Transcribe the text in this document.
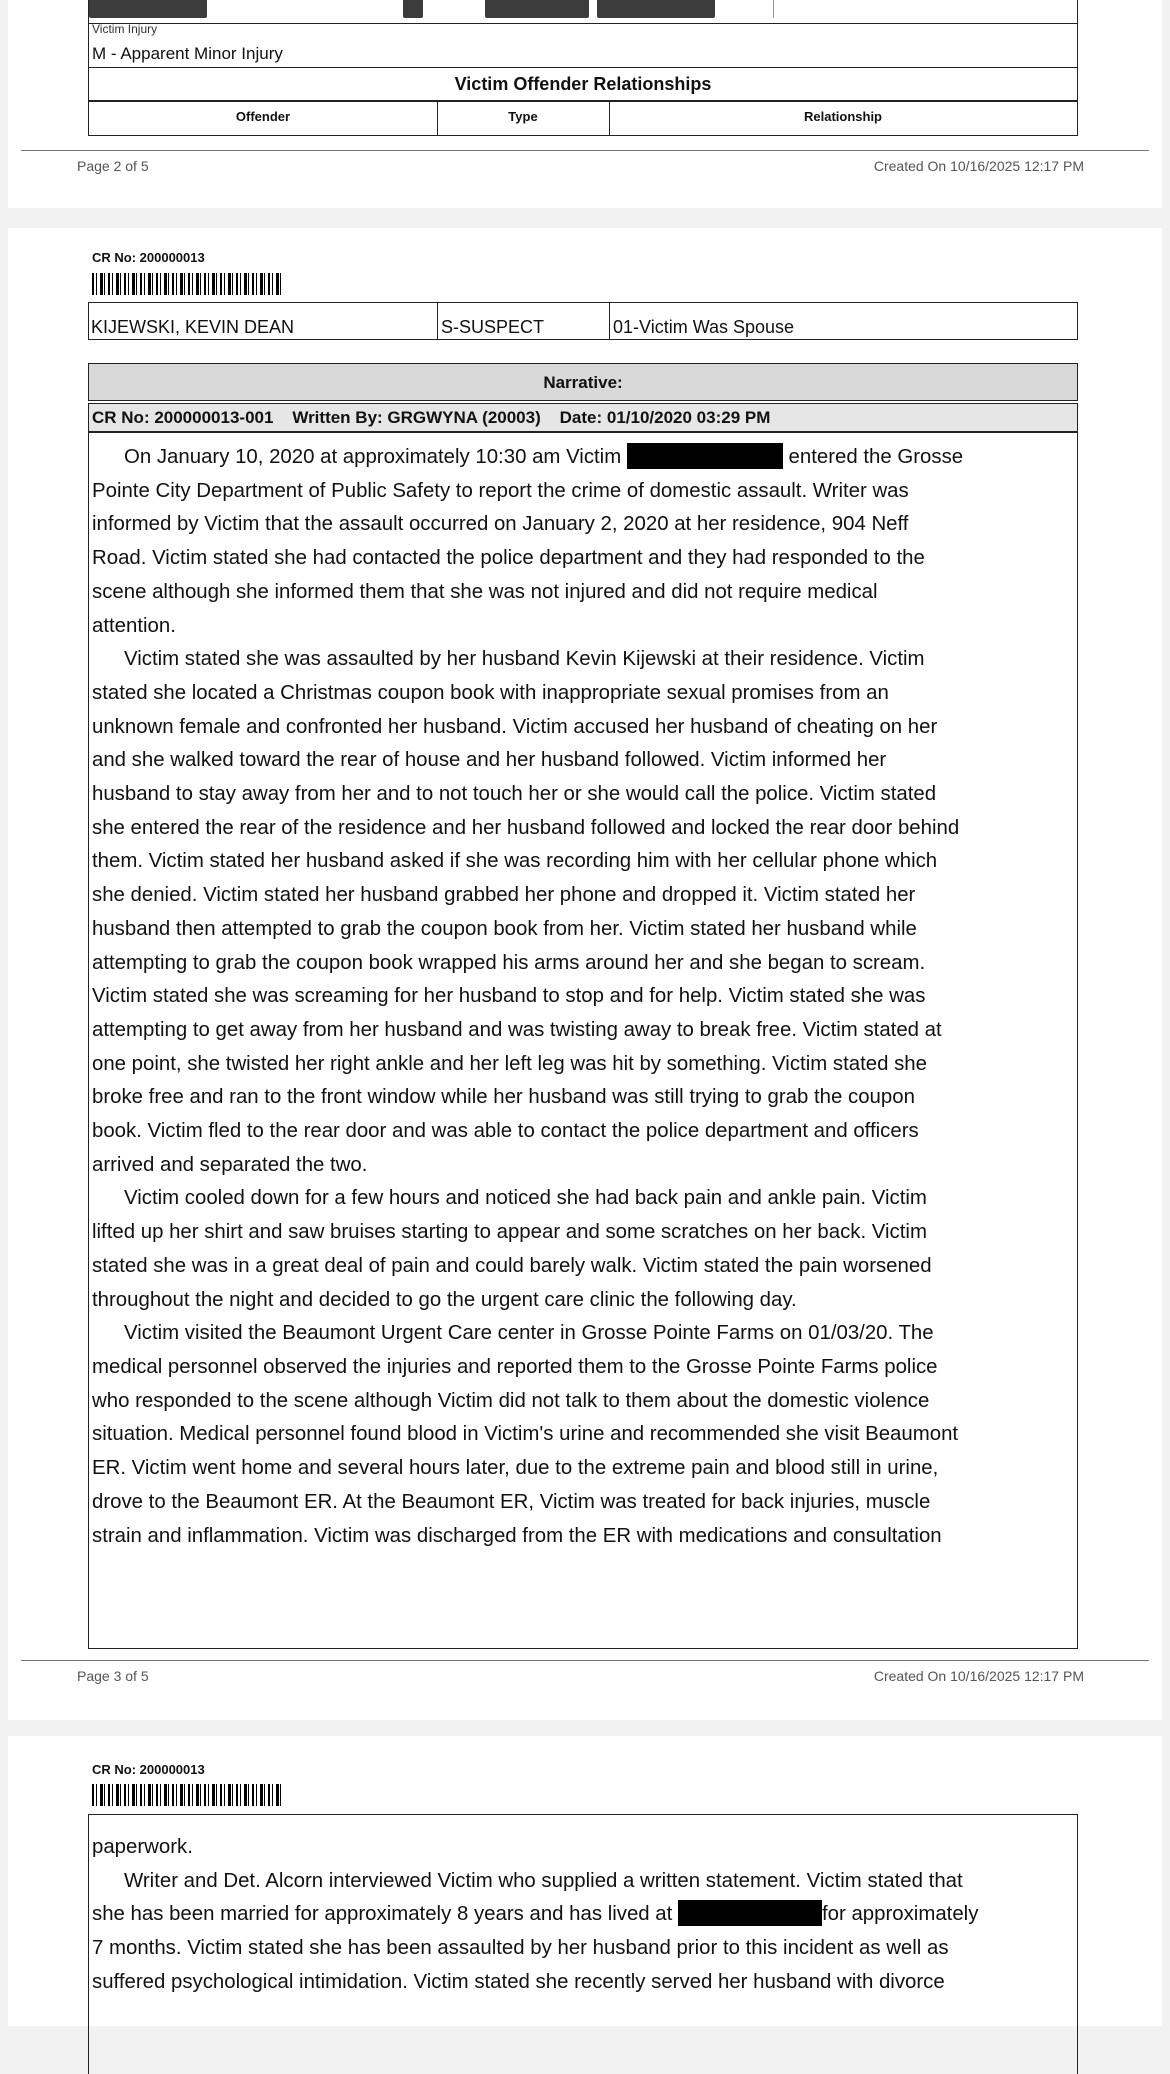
Victim Injury
M - Apparent Minor Injury
Victim Offender Relationships
Offender	Type	Relationship
Page 2 of 5	Created On 10/16/2025 12:17 PM
CR No: 200000013
KIJEWSKI, KEVIN DEAN	S-SUSPECT	01-Victim Was Spouse
Narrative:
CR No: 200000013-001    Written By: GRGWYNA (20003)    Date: 01/10/2020 03:29 PM

On January 10, 2020 at approximately 10:30 am Victim	entered the Grosse

Pointe City Department of Public Safety to report the crime of domestic assault. Writer was

informed by Victim that the assault occurred on January 2, 2020 at her residence, 904 Neff

Road. Victim stated she had contacted the police department and they had responded to the

scene although she informed them that she was not injured and did not require medical

attention.

Victim stated she was assaulted by her husband Kevin Kijewski at their residence. Victim

stated she located a Christmas coupon book with inappropriate sexual promises from an

unknown female and confronted her husband. Victim accused her husband of cheating on her

and she walked toward the rear of house and her husband followed. Victim informed her

husband to stay away from her and to not touch her or she would call the police. Victim stated

she entered the rear of the residence and her husband followed and locked the rear door behind

them. Victim stated her husband asked if she was recording him with her cellular phone which

she denied. Victim stated her husband grabbed her phone and dropped it. Victim stated her

husband then attempted to grab the coupon book from her. Victim stated her husband while

attempting to grab the coupon book wrapped his arms around her and she began to scream.

Victim stated she was screaming for her husband to stop and for help. Victim stated she was

attempting to get away from her husband and was twisting away to break free. Victim stated at

one point, she twisted her right ankle and her left leg was hit by something. Victim stated she

broke free and ran to the front window while her husband was still trying to grab the coupon

book. Victim fled to the rear door and was able to contact the police department and officers

arrived and separated the two.

Victim cooled down for a few hours and noticed she had back pain and ankle pain. Victim

lifted up her shirt and saw bruises starting to appear and some scratches on her back. Victim

stated she was in a great deal of pain and could barely walk. Victim stated the pain worsened

throughout the night and decided to go the urgent care clinic the following day.

Victim visited the Beaumont Urgent Care center in Grosse Pointe Farms on 01/03/20. The

medical personnel observed the injuries and reported them to the Grosse Pointe Farms police

who responded to the scene although Victim did not talk to them about the domestic violence

situation. Medical personnel found blood in Victim's urine and recommended she visit Beaumont

ER. Victim went home and several hours later, due to the extreme pain and blood still in urine,

drove to the Beaumont ER. At the Beaumont ER, Victim was treated for back injuries, muscle

strain and inflammation. Victim was discharged from the ER with medications and consultation

Page 3 of 5	Created On 10/16/2025 12:17 PM
CR No: 200000013

paperwork.

Writer and Det. Alcorn interviewed Victim who supplied a written statement. Victim stated that

she has been married for approximately 8 years and has lived at	for approximately

7 months. Victim stated she has been assaulted by her husband prior to this incident as well as

suffered psychological intimidation. Victim stated she recently served her husband with divorce
